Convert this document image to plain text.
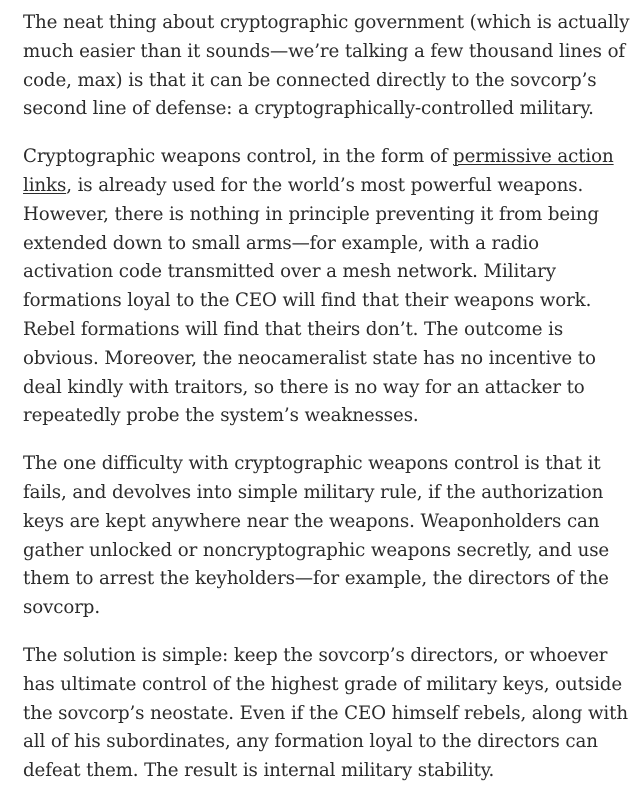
The neat thing about cryptographic government (which is actually much easier than it sounds—we’re talking a few thousand lines of code, max) is that it can be connected directly to the sovcorp’s second line of defense: a cryptographically-controlled military.

Cryptographic weapons control, in the form of permissive action links, is already used for the world’s most powerful weapons. However, there is nothing in principle preventing it from being extended down to small arms—for example, with a radio activation code transmitted over a mesh network. Military formations loyal to the CEO will find that their weapons work. Rebel formations will find that theirs don’t. The outcome is obvious. Moreover, the neocameralist state has no incentive to deal kindly with traitors, so there is no way for an attacker to repeatedly probe the system’s weaknesses.

The one difficulty with cryptographic weapons control is that it fails, and devolves into simple military rule, if the authorization keys are kept anywhere near the weapons. Weaponholders can gather unlocked or noncryptographic weapons secretly, and use them to arrest the keyholders—for example, the directors of the sovcorp.

The solution is simple: keep the sovcorp’s directors, or whoever has ultimate control of the highest grade of military keys, outside the sovcorp’s neostate. Even if the CEO himself rebels, along with all of his subordinates, any formation loyal to the directors can defeat them. The result is internal military stability.
